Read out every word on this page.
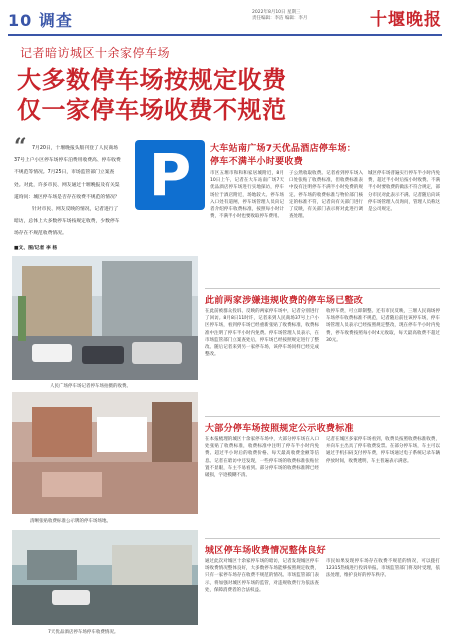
10 调查	2022年8月10日 星期三
责任编辑：李洁 编辑：李月	十堰晚报
记者暗访城区十余家停车场
大多数停车场按规定收费
仅一家停车场收费不规范
“	7月20日，十堰晚报头版刊登了人民商场37号上户小区停车场停车泊费用收费高、停车收费不规范等情况。7月25日，市场监管部门立案查处。对此，许多市民、网友通过十堰晚报及有关渠道询问：城区停车场是否存在收费不规范的情况？

针对市民、网友反映的情况，记者进行了暗访，总体上大多数停车场按规定收费，少数停车场存在不规范收费情况。

■文、图/记者 李 杨

P	大车站南广场7天优品酒店停车场：
停车不满半小时要收费
市区五堰市和和和家居城附近，8月10日上午，记者在大车站南广场7天优品酒店停车场进行实地探访，停车场位于酒店附近，场地较大。停车场入口处有道闸，停车场管理人员向记者介绍停车收费标准，按照每小时计费，不满半小时也要收取停车费用。
子公然收取收费。记者看到停车场入口处张贴了收费标准，但收费标准表中没有注明停车不满半小时免费的规定。停车场的收费标准与物价部门核定的标准不符，记者向有关部门进行了反映，有关部门表示将对此进行调查处理。
城区停车场普遍实行停车半小时内免费，超过半小时后按小时收费。不满半小时要收费的做法不符合规定，部分市民对此表示不满。记者随后向该停车场管理人员询问，管理人员称这是公司规定。
人民广场停车场记者停车场拍摄的收费。
此前两家涉嫌违规收费的停车场已整改
在此前被群众投诉、反映的两家停车场中，记者分别进行了回访。8月8日11时许，记者来到人民商场37号上户小区停车场，看到停车场已经重新张贴了收费标准，收费标准中注明了停车半小时内免费。停车场管理人员表示，在市场监管部门立案查处后，停车场已经按照规定进行了整改。随后记者来到另一家停车场，该停车场同样已经完成整改。
收停车费，可立即制整。还有市民反映，三堰人民商场停车场停车收费标准不规范，记者随后前往该停车场，停车场管理人员表示已经按照规定整改，现在停车半小时内免费，停车收费按照每小时4元收取，每天最高收费不超过30元。
清晰张贴收费标准公示牌的停车场场地。
大部分停车场按照规定公示收费标准
在本报梳理的城区十余家停车场中，大部分停车场在入口处张贴了收费标准，收费标准中注明了停车半小时内免费、超过半小时后的收费价格、每天最高收费金额等信息。记者在暗访中还发现，一些停车场的收费标准张贴位置不显眼，车主不易看到。部分停车场的收费标准牌已经破损，字迹模糊不清。
记者在城区多家停车场看到，收费员按照收费标准收费，并向车主出具了停车收费发票。在部分停车场，车主可以通过手机扫码支付停车费，停车场通过电子系统记录车辆停放时间，收费透明，车主普遍表示满意。
7天优品酒店停车场停车收费情况。
城区停车场收费情况整体良好
通过此次对城区十余家停车场的暗访，记者发现城区停车场收费情况整体良好，大多数停车场能够按照规定收费，只有一家停车场存在收费不规范的情况。市场监管部门表示，将加强对城区停车场的监管，对违规收费行为依法查处，保障消费者的合法权益。
市民如果发现停车场存在收费不规范的情况，可以拨打12315热线进行投诉举报。市场监管部门将及时受理，依法处理，维护良好的停车秩序。
